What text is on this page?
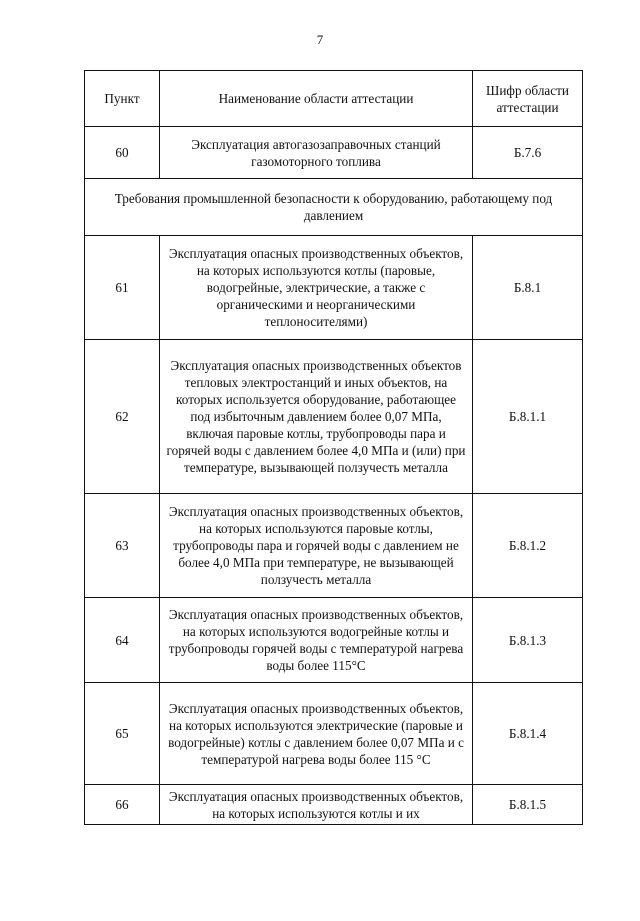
7
Пункт	Наименование области аттестации	Шифр области аттестации
60	Эксплуатация автогазозаправочных станций газомоторного топлива	Б.7.6
Требования промышленной безопасности к оборудованию, работающему под давлением		
61	Эксплуатация опасных производственных объектов, на которых используются котлы (паровые, водогрейные, электрические, а также с органическими и неорганическими теплоносителями)	Б.8.1
62	Эксплуатация опасных производственных объектов тепловых электростанций и иных объектов, на которых используется оборудование, работающее под избыточным давлением более 0,07 МПа, включая паровые котлы, трубопроводы пара и горячей воды с давлением более 4,0 МПа и (или) при температуре, вызывающей ползучесть металла	Б.8.1.1
63	Эксплуатация опасных производственных объектов, на которых используются паровые котлы, трубопроводы пара и горячей воды с давлением не более 4,0 МПа при температуре, не вызывающей ползучесть металла	Б.8.1.2
64	Эксплуатация опасных производственных объектов, на которых используются водогрейные котлы и трубопроводы горячей воды с температурой нагрева воды более 115°С	Б.8.1.3
65	Эксплуатация опасных производственных объектов, на которых используются электрические (паровые и водогрейные) котлы с давлением более 0,07 МПа и с температурой нагрева воды более 115 °С	Б.8.1.4
66	Эксплуатация опасных производственных объектов, на которых используются котлы и их	Б.8.1.5
